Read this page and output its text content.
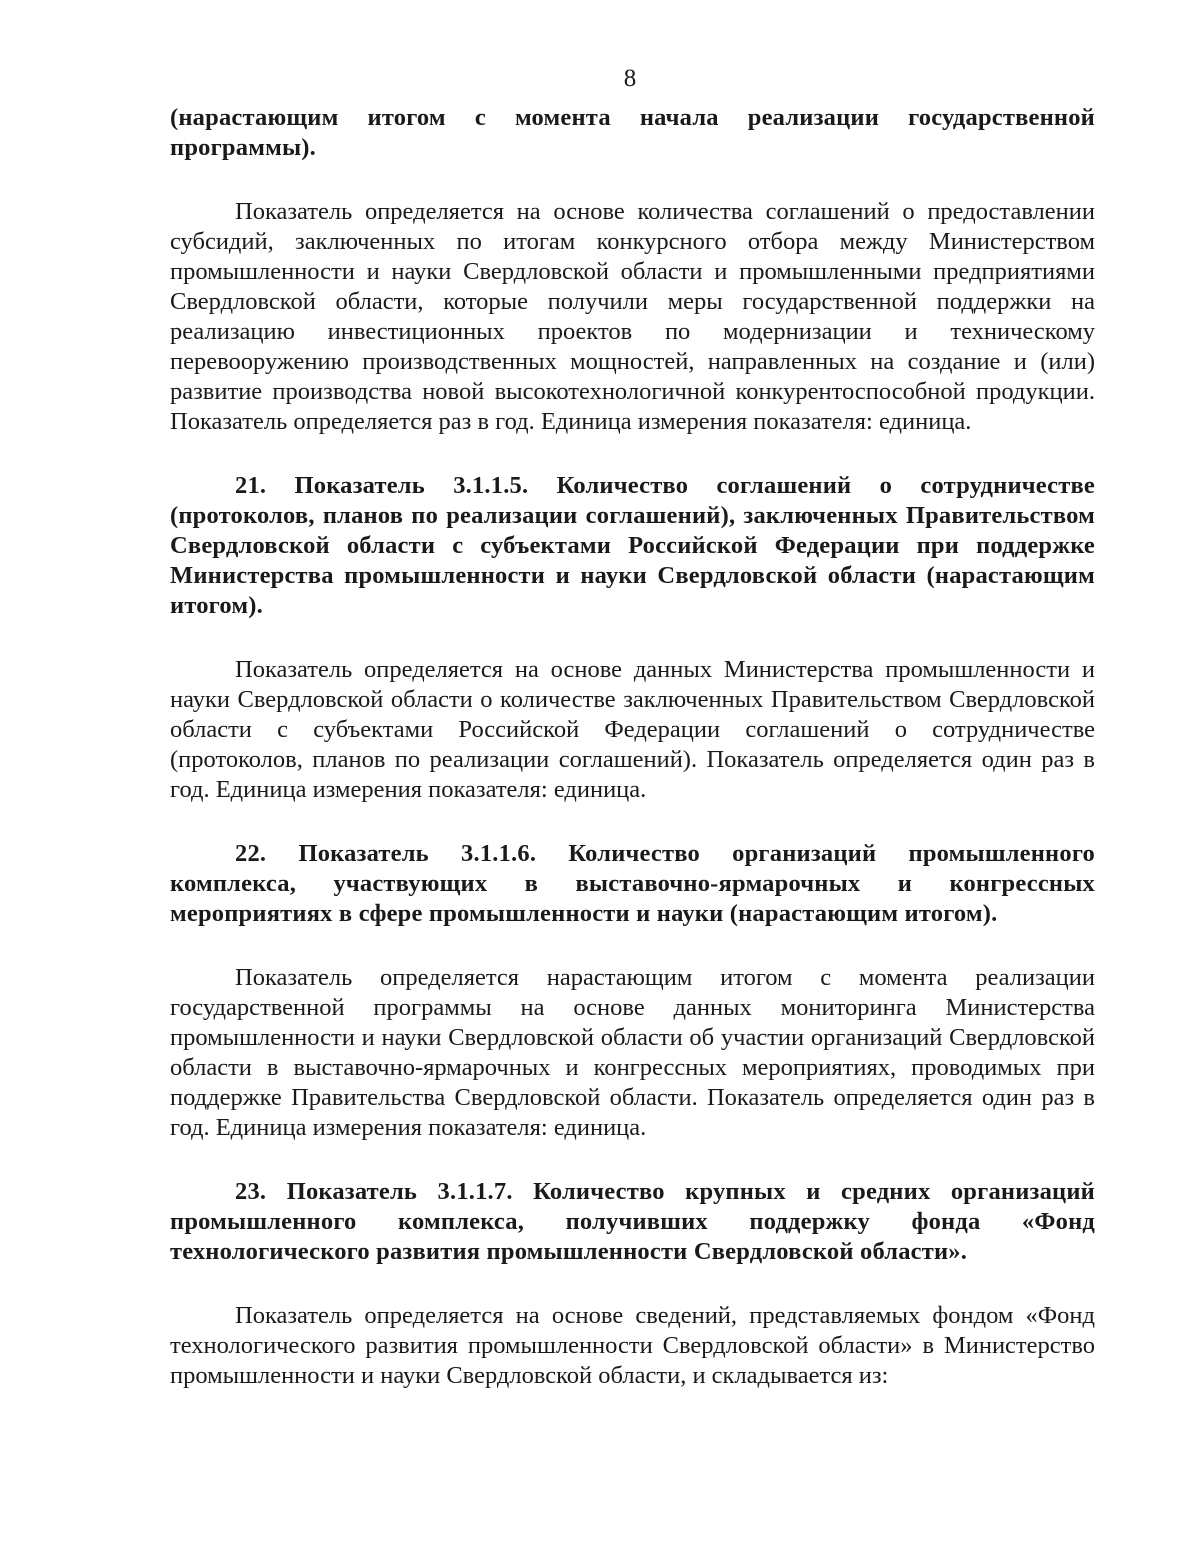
8

(нарастающим итогом с момента начала реализации государственной программы).

Показатель определяется на основе количества соглашений о предоставлении субсидий, заключенных по итогам конкурсного отбора между Министерством промышленности и науки Свердловской области и промышленными предприятиями Свердловской области, которые получили меры государственной поддержки на реализацию инвестиционных проектов по модернизации и техническому перевооружению производственных мощностей, направленных на создание и (или) развитие производства новой высокотехнологичной конкурентоспособной продукции. Показатель определяется раз в год. Единица измерения показателя: единица.

21. Показатель 3.1.1.5. Количество соглашений о сотрудничестве (протоколов, планов по реализации соглашений), заключенных Правительством Свердловской области с субъектами Российской Федерации при поддержке Министерства промышленности и науки Свердловской области (нарастающим итогом).

Показатель определяется на основе данных Министерства промышленности и науки Свердловской области о количестве заключенных Правительством Свердловской области с субъектами Российской Федерации соглашений о сотрудничестве (протоколов, планов по реализации соглашений). Показатель определяется один раз в год. Единица измерения показателя: единица.

22. Показатель 3.1.1.6. Количество организаций промышленного комплекса, участвующих в выставочно-ярмарочных и конгрессных мероприятиях в сфере промышленности и науки (нарастающим итогом).

Показатель определяется нарастающим итогом с момента реализации государственной программы на основе данных мониторинга Министерства промышленности и науки Свердловской области об участии организаций Свердловской области в выставочно-ярмарочных и конгрессных мероприятиях, проводимых при поддержке Правительства Свердловской области. Показатель определяется один раз в год. Единица измерения показателя: единица.

23. Показатель 3.1.1.7. Количество крупных и средних организаций промышленного комплекса, получивших поддержку фонда «Фонд технологического развития промышленности Свердловской области».

Показатель определяется на основе сведений, представляемых фондом «Фонд технологического развития промышленности Свердловской области» в Министерство промышленности и науки Свердловской области, и складывается из:
